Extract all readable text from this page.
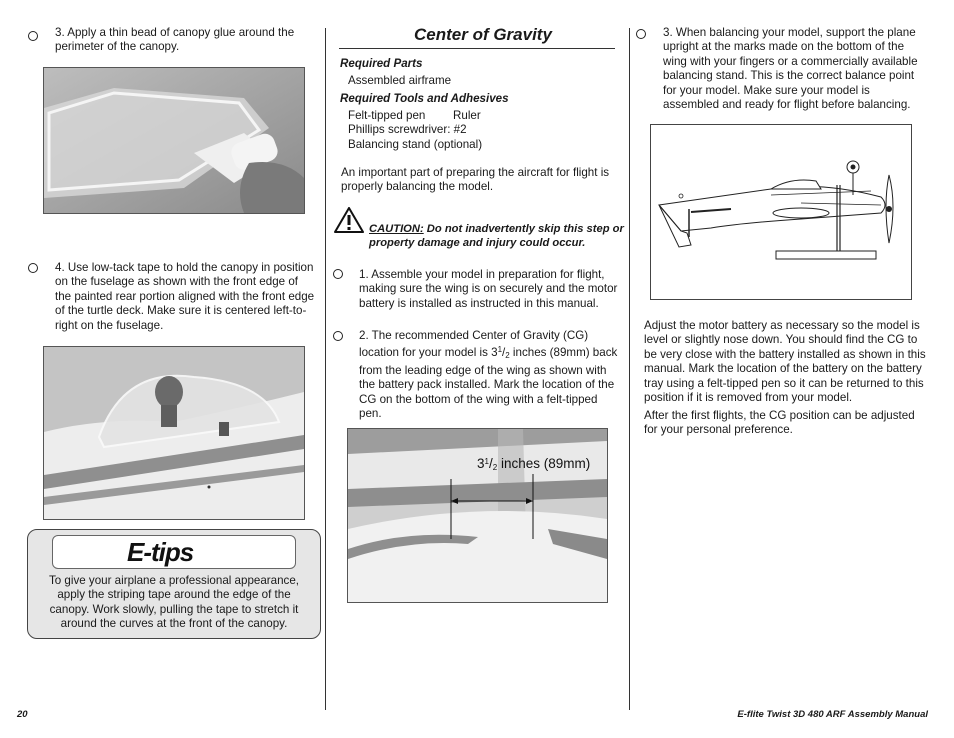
3. Apply a thin bead of canopy glue around the perimeter of the canopy.
4. Use low-tack tape to hold the canopy in position on the fuselage as shown with the front edge of the painted rear portion aligned with the front edge of the turtle deck. Make sure it is centered left-to-right on the fuselage.
E-tips
To give your airplane a professional appearance, apply the striping tape around the edge of the canopy. Work slowly, pulling the tape to stretch it around the curves at the front of the canopy.
Center of Gravity
Required Parts
Assembled airframe
Required Tools and Adhesives
Felt-tipped pen Ruler
Phillips screwdriver: #2
Balancing stand (optional)
An important part of preparing the aircraft for flight is properly balancing the model.
CAUTION: Do not inadvertently skip this step or property damage and injury could occur.
1. Assemble your model in preparation for flight, making sure the wing is on securely and the motor battery is installed as instructed in this manual.
2. The recommended Center of Gravity (CG) location for your model is $3^1/_2$ inches (89mm) back from the leading edge of the wing as shown with the battery pack installed. Mark the location of the CG on the bottom of the wing with a felt-tipped pen.
$3^1/_2$ inches (89mm)
3. When balancing your model, support the plane upright at the marks made on the bottom of the wing with your fingers or a commercially available balancing stand. This is the correct balance point for your model. Make sure your model is assembled and ready for flight before balancing.
Adjust the motor battery as necessary so the model is level or slightly nose down. You should find the CG to be very close with the battery installed as shown in this manual. Mark the location of the battery on the battery tray using a felt-tipped pen so it can be returned to this position if it is removed from your model.
After the first flights, the CG position can be adjusted for your personal preference.
20	E-flite Twist 3D 480 ARF Assembly Manual
